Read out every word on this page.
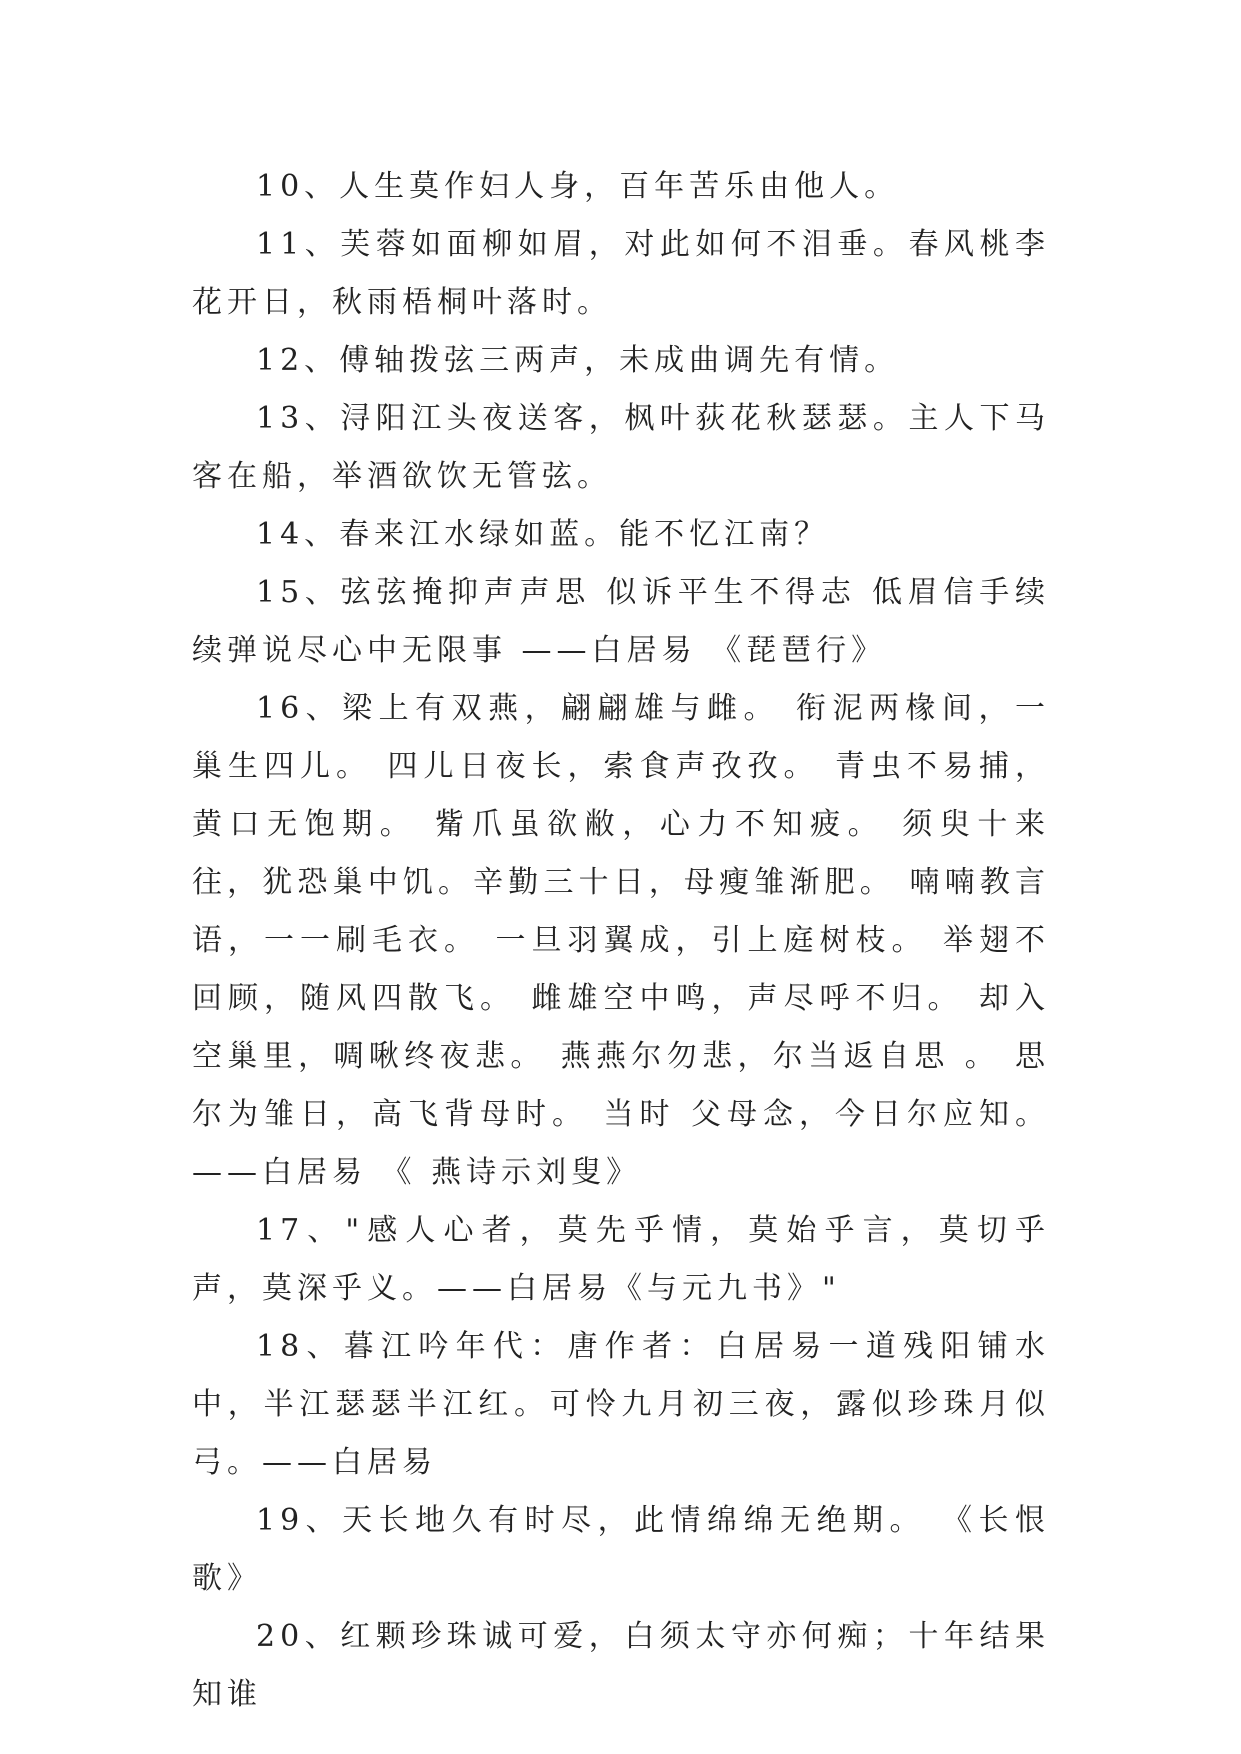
10、人生莫作妇人身，百年苦乐由他人。

11、芙蓉如面柳如眉，对此如何不泪垂。春风桃李花开日，秋雨梧桐叶落时。

12、傅轴拨弦三两声，未成曲调先有情。

13、浔阳江头夜送客，枫叶荻花秋瑟瑟。主人下马客在船，举酒欲饮无管弦。

14、春来江水绿如蓝。能不忆江南？

15、弦弦掩抑声声思 似诉平生不得志 低眉信手续续弹说尽心中无限事 ——白居易 《琵琶行》

16、梁上有双燕，翩翩雄与雌。 衔泥两椽间，一巢生四儿。 四儿日夜长，索食声孜孜。 青虫不易捕，黄口无饱期。 觜爪虽欲敝，心力不知疲。 须臾十来往，犹恐巢中饥。辛勤三十日，母瘦雏渐肥。 喃喃教言语，一一刷毛衣。 一旦羽翼成，引上庭树枝。 举翅不回顾，随风四散飞。 雌雄空中鸣，声尽呼不归。 却入空巢里，啁啾终夜悲。 燕燕尔勿悲，尔当返自思 。 思尔为雏日，高飞背母时。 当时 父母念，今日尔应知。 ——白居易 《 燕诗示刘叟》

17、"感人心者，莫先乎情，莫始乎言，莫切乎声，莫深乎义。——白居易《与元九书》"

18、暮江吟年代：唐作者：白居易一道残阳铺水中，半江瑟瑟半江红。可怜九月初三夜，露似珍珠月似弓。——白居易

19、天长地久有时尽，此情绵绵无绝期。 《长恨歌》

20、红颗珍珠诚可爱，白须太守亦何痴；十年结果知谁
